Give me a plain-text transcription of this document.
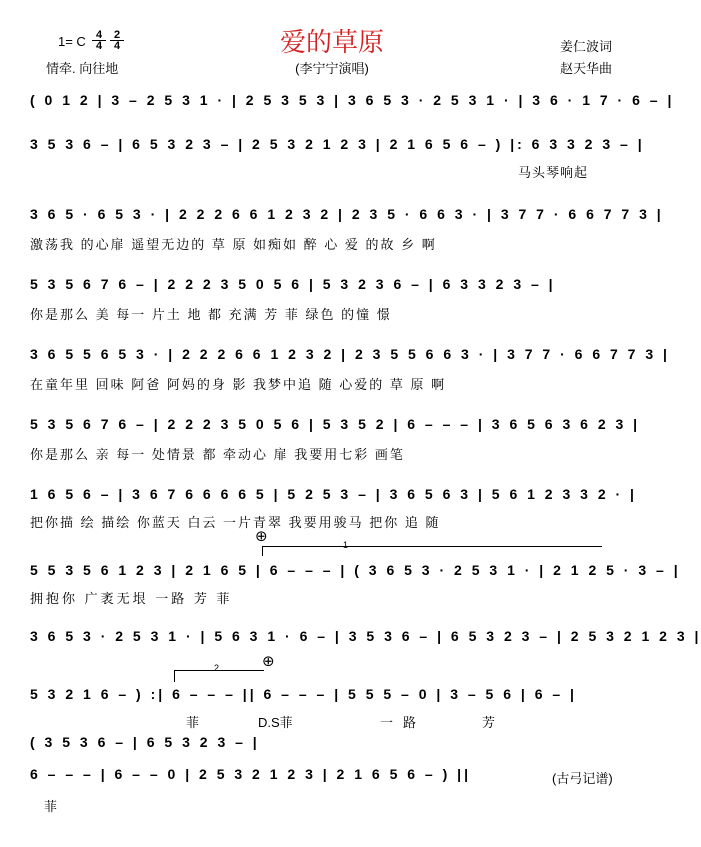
1= C 4
4
2
4
情牵. 向往地
爱的草原
(李宁宁演唱)
姜仁波词
赵天华曲
( 0 1 2 | 3 – 2 5 3 1 · | 2 5 3 5 3 | 3 6 5 3 · 2 5 3 1 · | 3 6 · 1 7 · 6 – |
3 5 3 6 – | 6 5 3 2 3 – | 2 5 3 2 1 2 3 | 2 1 6 5 6 – ) |: 6 3 3 2 3 – |
马头琴响起
3 6 5 · 6 5 3 · | 2 2 2 6 6 1 2 3 2 | 2 3 5 · 6 6 3 · | 3 7 7 · 6 6 7 7 3 |
激荡我 的心扉 遥望无边的 草 原 如痴如 醉 心 爱 的故 乡 啊
5 3 5 6 7 6 – | 2 2 2 3 5 0 5 6 | 5 3 2 3 6 – | 6 3 3 2 3 – |
你是那么 美 每一 片土 地 都 充满 芳 菲 绿色 的憧 憬
3 6 5 5 6 5 3 · | 2 2 2 6 6 1 2 3 2 | 2 3 5 5 6 6 3 · | 3 7 7 · 6 6 7 7 3 |
在童年里 回味 阿爸 阿妈的身 影 我梦中追 随 心爱的 草 原 啊
5 3 5 6 7 6 – | 2 2 2 3 5 0 5 6 | 5 3 5 2 | 6 – – – | 3 6 5 6 3 6 2 3 |
你是那么 亲 每一 处情景 都 牵动心 扉 我要用七彩 画笔
1 6 5 6 – | 3 6 7 6 6 6 6 5 | 5 2 5 3 – | 3 6 5 6 3 | 5 6 1 2 3 3 2 · |
把你描 绘 描绘 你蓝天 白云 一片青翠 我要用骏马 把你 追 随
⊕	1
5 5 3 5 6 1 2 3 | 2 1 6 5 | 6 – – – | ( 3 6 5 3 · 2 5 3 1 · | 2 1 2 5 · 3 – |
拥抱你 广袤无垠 一路 芳 菲
3 6 5 3 · 2 5 3 1 · | 5 6 3 1 · 6 – | 3 5 3 6 – | 6 5 3 2 3 – | 2 5 3 2 1 2 3 |
2	⊕
5 3 2 1 6 – ) :| 6 – – – || 6 – – – | 5 5 5 – 0 | 3 – 5 6 | 6 – |
菲	D.S菲	一路	芳
( 3 5 3 6 – | 6 5 3 2 3 – |
6 – – – | 6 – – 0 | 2 5 3 2 1 2 3 | 2 1 6 5 6 – ) ||
菲
(古弓记谱)
